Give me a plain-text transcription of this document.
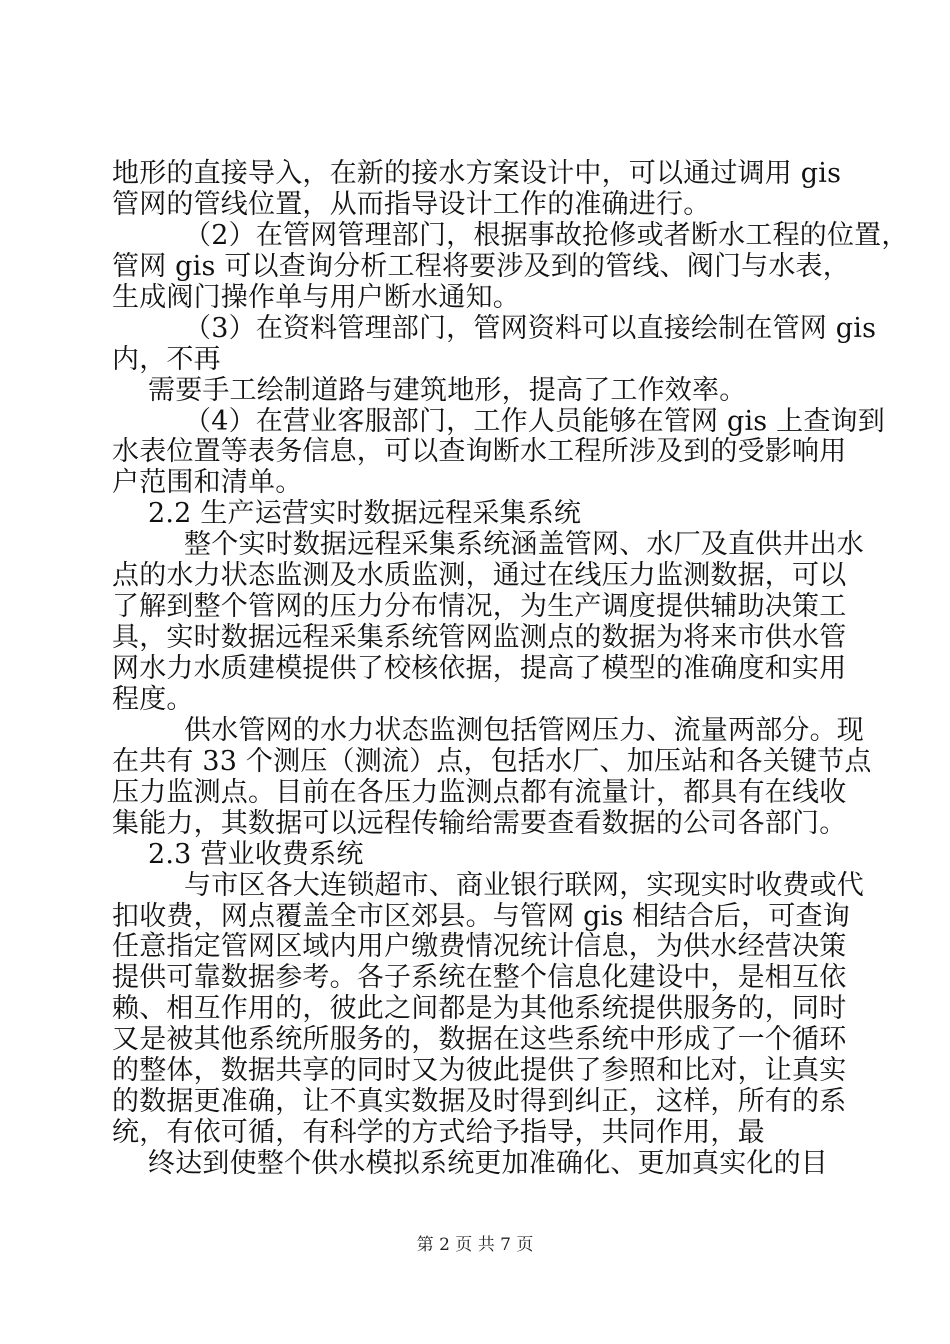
地形的直接导入，在新的接水方案设计中，可以通过调用 gis
管网的管线位置，从而指导设计工作的准确进行。
（2）在管网管理部门，根据事故抢修或者断水工程的位置，
管网 gis 可以查询分析工程将要涉及到的管线、阀门与水表，
生成阀门操作单与用户断水通知。
（3）在资料管理部门，管网资料可以直接绘制在管网 gis
内，不再
需要手工绘制道路与建筑地形，提高了工作效率。
（4）在营业客服部门，工作人员能够在管网 gis 上查询到
水表位置等表务信息，可以查询断水工程所涉及到的受影响用
户范围和清单。
2.2 生产运营实时数据远程采集系统
整个实时数据远程采集系统涵盖管网、水厂及直供井出水
点的水力状态监测及水质监测，通过在线压力监测数据，可以
了解到整个管网的压力分布情况，为生产调度提供辅助决策工
具，实时数据远程采集系统管网监测点的数据为将来市供水管
网水力水质建模提供了校核依据，提高了模型的准确度和实用
程度。
供水管网的水力状态监测包括管网压力、流量两部分。现
在共有 33 个测压（测流）点，包括水厂、加压站和各关键节点
压力监测点。目前在各压力监测点都有流量计，都具有在线收
集能力，其数据可以远程传输给需要查看数据的公司各部门。
2.3 营业收费系统
与市区各大连锁超市、商业银行联网，实现实时收费或代
扣收费，网点覆盖全市区郊县。与管网 gis 相结合后，可查询
任意指定管网区域内用户缴费情况统计信息，为供水经营决策
提供可靠数据参考。各子系统在整个信息化建设中，是相互依
赖、相互作用的，彼此之间都是为其他系统提供服务的，同时
又是被其他系统所服务的，数据在这些系统中形成了一个循环
的整体，数据共享的同时又为彼此提供了参照和比对，让真实
的数据更准确，让不真实数据及时得到纠正，这样，所有的系
统，有依可循，有科学的方式给予指导，共同作用，最
终达到使整个供水模拟系统更加准确化、更加真实化的目
第 2 页 共 7 页
